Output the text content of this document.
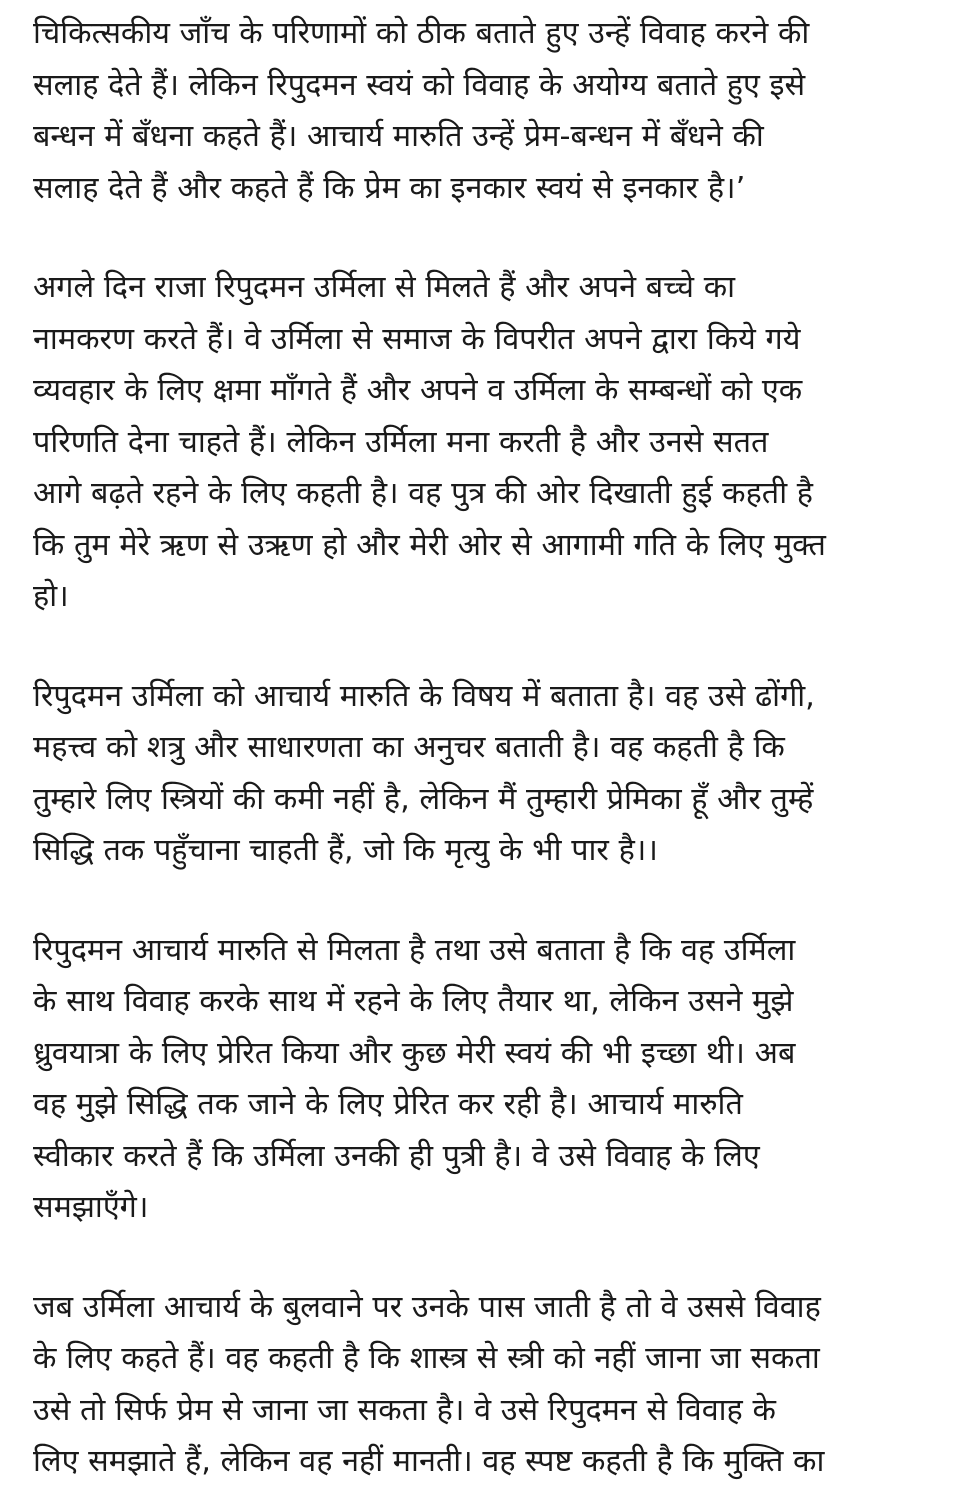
चिकित्सकीय जाँच के परिणामों को ठीक बताते हुए उन्हें विवाह करने की
सलाह देते हैं। लेकिन रिपुदमन स्वयं को विवाह के अयोग्य बताते हुए इसे
बन्धन में बँधना कहते हैं। आचार्य मारुति उन्हें प्रेम-बन्धन में बँधने की
सलाह देते हैं और कहते हैं कि प्रेम का इनकार स्वयं से इनकार है।’
अगले दिन राजा रिपुदमन उर्मिला से मिलते हैं और अपने बच्चे का
नामकरण करते हैं। वे उर्मिला से समाज के विपरीत अपने द्वारा किये गये
व्यवहार के लिए क्षमा माँगते हैं और अपने व उर्मिला के सम्बन्धों को एक
परिणति देना चाहते हैं। लेकिन उर्मिला मना करती है और उनसे सतत
आगे बढ़ते रहने के लिए कहती है। वह पुत्र की ओर दिखाती हुई कहती है
कि तुम मेरे ऋण से उऋण हो और मेरी ओर से आगामी गति के लिए मुक्त
हो।
रिपुदमन उर्मिला को आचार्य मारुति के विषय में बताता है। वह उसे ढोंगी,
महत्त्व को शत्रु और साधारणता का अनुचर बताती है। वह कहती है कि
तुम्हारे लिए स्त्रियों की कमी नहीं है, लेकिन मैं तुम्हारी प्रेमिका हूँ और तुम्हें
सिद्धि तक पहुँचाना चाहती हैं, जो कि मृत्यु के भी पार है।।
रिपुदमन आचार्य मारुति से मिलता है तथा उसे बताता है कि वह उर्मिला
के साथ विवाह करके साथ में रहने के लिए तैयार था, लेकिन उसने मुझे
ध्रुवयात्रा के लिए प्रेरित किया और कुछ मेरी स्वयं की भी इच्छा थी। अब
वह मुझे सिद्धि तक जाने के लिए प्रेरित कर रही है। आचार्य मारुति
स्वीकार करते हैं कि उर्मिला उनकी ही पुत्री है। वे उसे विवाह के लिए
समझाएँगे।
जब उर्मिला आचार्य के बुलवाने पर उनके पास जाती है तो वे उससे विवाह
के लिए कहते हैं। वह कहती है कि शास्त्र से स्त्री को नहीं जाना जा सकता
उसे तो सिर्फ प्रेम से जाना जा सकता है। वे उसे रिपुदमन से विवाह के
लिए समझाते हैं, लेकिन वह नहीं मानती। वह स्पष्ट कहती है कि मुक्ति का
